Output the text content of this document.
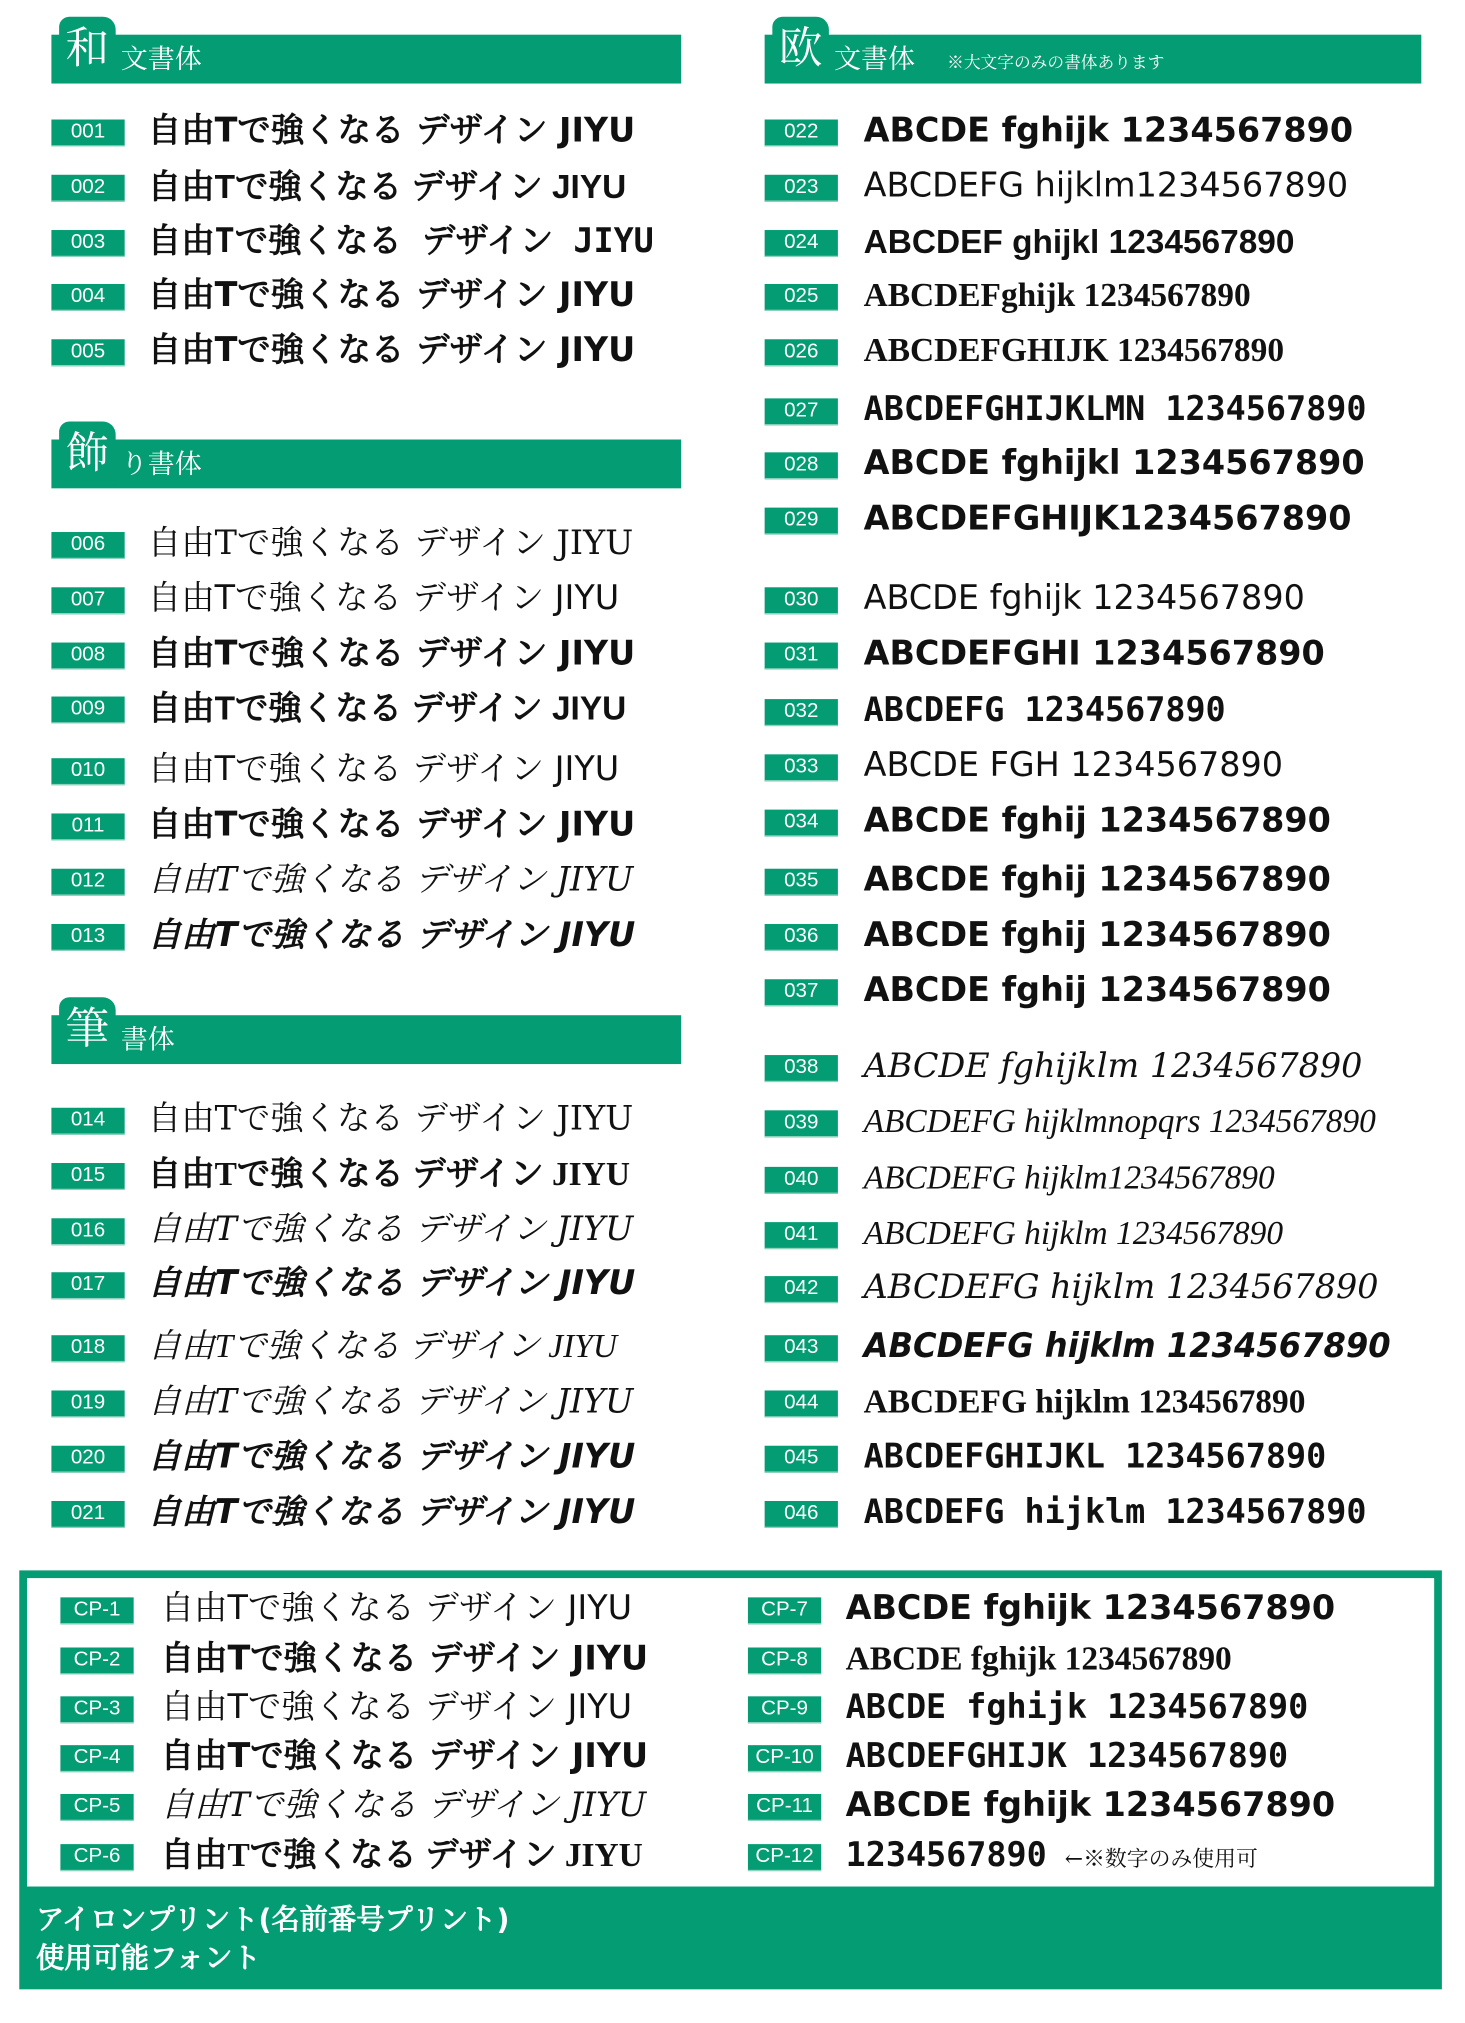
和 文書体
飾 り書体
筆 書体
欧 文書体 ※大文字のみの書体あります
001	自由Tで強くなる デザイン JIYU
002	自由Tで強くなる デザイン JIYU
003	自由Tで強くなる デザイン JIYU
004	自由Tで強くなる デザイン JIYU
005	自由Tで強くなる デザイン JIYU
006	自由Tで強くなる デザイン JIYU
007	自由Tで強くなる デザイン JIYU
008	自由Tで強くなる デザイン JIYU
009	自由Tで強くなる デザイン JIYU
010	自由Tで強くなる デザイン JIYU
011	自由Tで強くなる デザイン JIYU
012	自由Tで強くなる デザイン JIYU
013	自由Tで強くなる デザイン JIYU
014	自由Tで強くなる デザイン JIYU
015	自由Tで強くなる デザイン JIYU
016	自由Tで強くなる デザイン JIYU
017	自由Tで強くなる デザイン JIYU
018	自由Tで強くなる デザイン JIYU
019	自由Tで強くなる デザイン JIYU
020	自由Tで強くなる デザイン JIYU
021	自由Tで強くなる デザイン JIYU
022	ABCDE fghijk 1234567890
023	ABCDEFG hijklm1234567890
024	ABCDEF ghijkl 1234567890
025	ABCDEFghijk 1234567890
026	ABCDEFGHIJK 1234567890
027	ABCDEFGHIJKLMN 1234567890
028	ABCDE fghijkl 1234567890
029	ABCDEFGHIJK1234567890
030	ABCDE fghijk 1234567890
031	ABCDEFGHI 1234567890
032	ABCDEFG 1234567890
033	ABCDE FGH 1234567890
034	ABCDE fghij 1234567890
035	ABCDE fghij 1234567890
036	ABCDE fghij 1234567890
037	ABCDE fghij 1234567890
038	ABCDE fghijklm 1234567890
039	ABCDEFG hijklmnopqrs 1234567890
040	ABCDEFG hijklm1234567890
041	ABCDEFG hijklm 1234567890
042	ABCDEFG hijklm 1234567890
043	ABCDEFG hijklm 1234567890
044	ABCDEFG hijklm 1234567890
045	ABCDEFGHIJKL 1234567890
046	ABCDEFG hijklm 1234567890
CP-1	自由Tで強くなる デザイン JIYU
CP-2	自由Tで強くなる デザイン JIYU
CP-3	自由Tで強くなる デザイン JIYU
CP-4	自由Tで強くなる デザイン JIYU
CP-5	自由Tで強くなる デザイン JIYU
CP-6	自由Tで強くなる デザイン JIYU
CP-7	ABCDE fghijk 1234567890
CP-8	ABCDE fghijk 1234567890
CP-9	ABCDE fghijk 1234567890
CP-10 ABCDEFGHIJK 1234567890
CP-11	ABCDE fghijk 1234567890
CP-12 1234567890 ←※数字のみ使用可
アイロンプリント(名前番号プリント)
使用可能フォント
